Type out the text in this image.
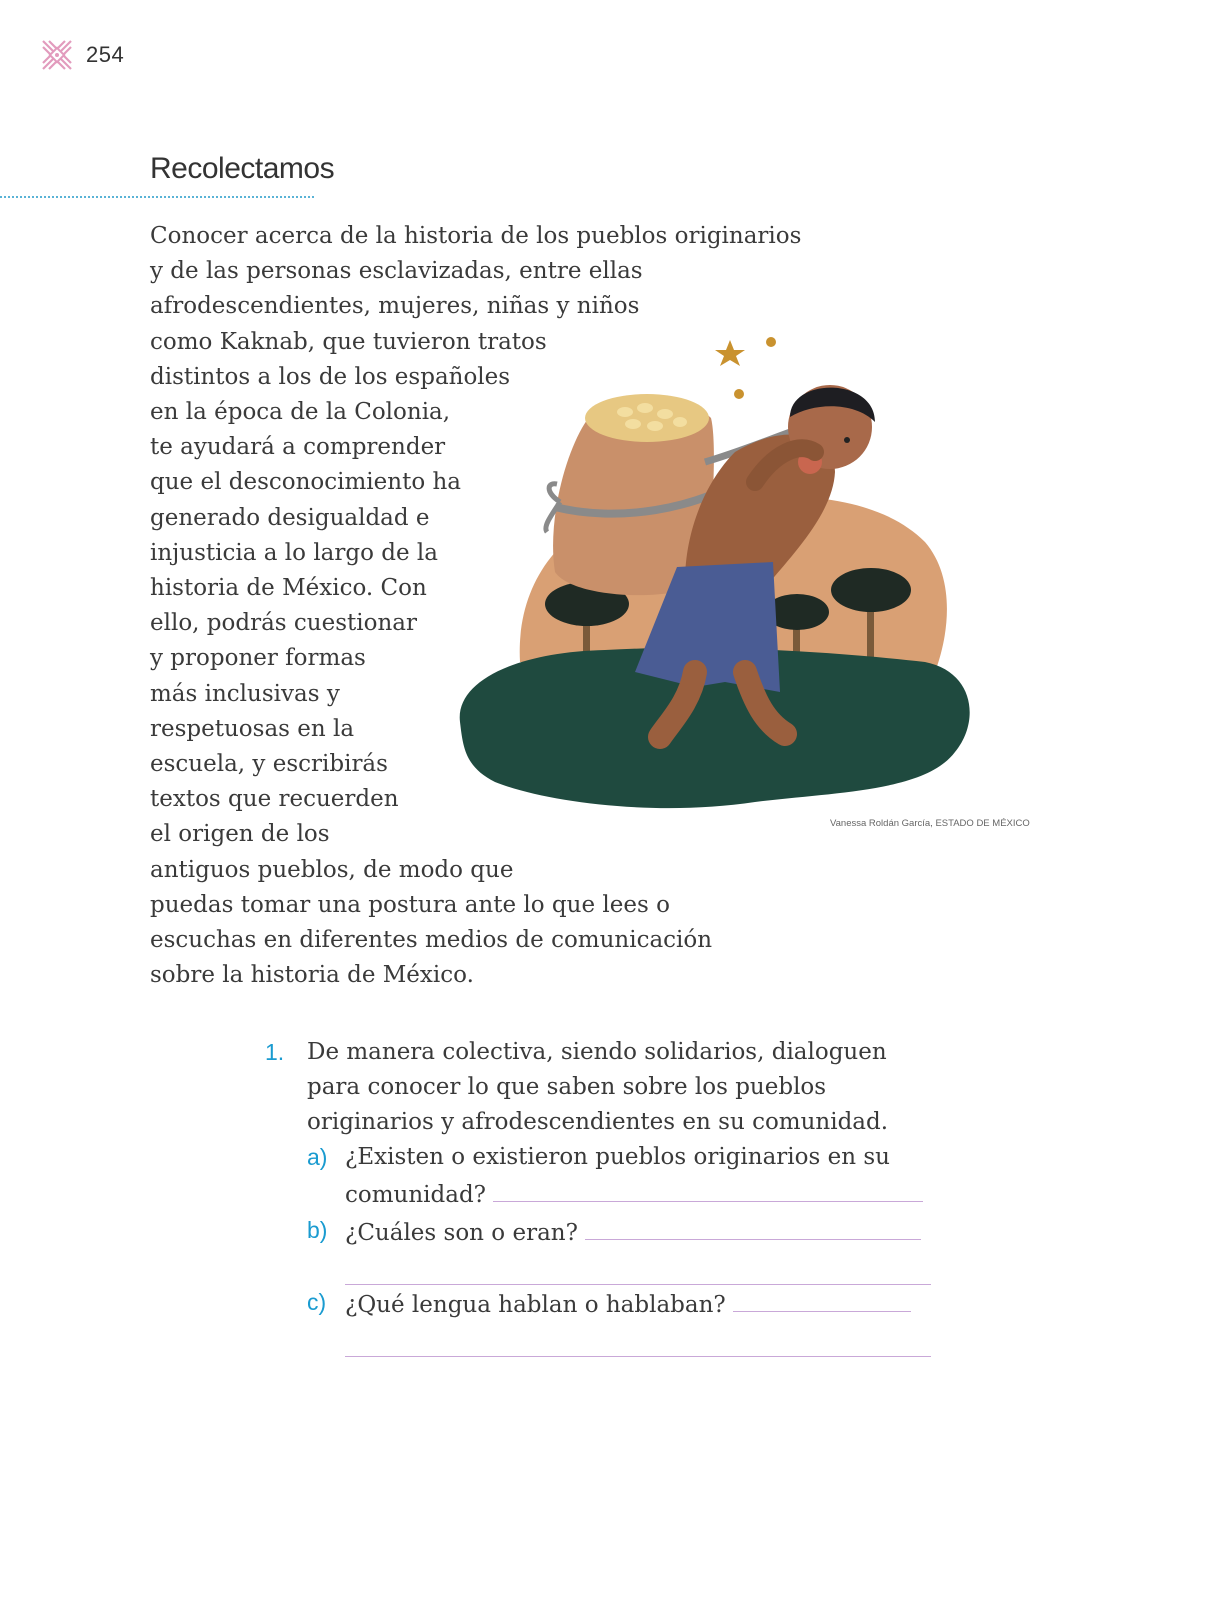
254
Recolectamos

Conocer acerca de la historia de los pueblos originarios
y de las personas esclavizadas, entre ellas
afrodescendientes, mujeres, niñas y niños
como Kaknab, que tuvieron tratos
distintos a los de los españoles
en la época de la Colonia,
te ayudará a comprender
que el desconocimiento ha
generado desigualdad e
injusticia a lo largo de la
historia de México. Con
ello, podrás cuestionar
y proponer formas
más inclusivas y
respetuosas en la
escuela, y escribirás
textos que recuerden
el origen de los
antiguos pueblos, de modo que
puedas tomar una postura ante lo que lees o
escuchas en diferentes medios de comunicación
sobre la historia de México.

Vanessa Roldán García, ESTADO DE MÉXICO
1. De manera colectiva, siendo solidarios, dialoguen
para conocer lo que saben sobre los pueblos
originarios y afrodescendientes en su comunidad.
a) ¿Existen o existieron pueblos originarios en su
comunidad?
b) ¿Cuáles son o eran?
c) ¿Qué lengua hablan o hablaban?
